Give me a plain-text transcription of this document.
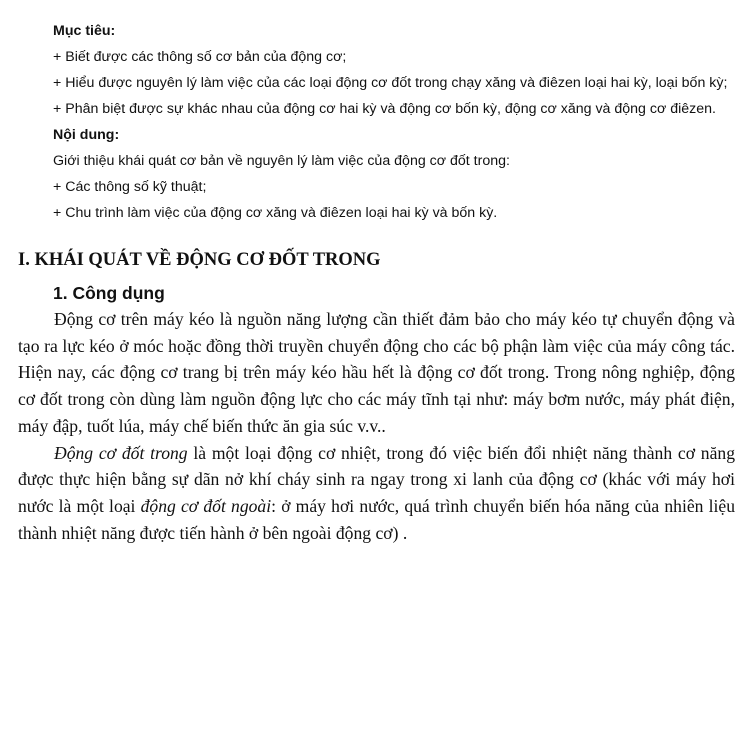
Mục tiêu:

+ Biết được các thông số cơ bản của động cơ;

+ Hiểu được nguyên lý làm việc của các loại động cơ đốt trong chạy xăng và điêzen loại hai kỳ, loại bốn kỳ;

+ Phân biệt được sự khác nhau của động cơ hai kỳ và động cơ bốn kỳ, động cơ xăng và động cơ điêzen.

Nội dung:

Giới thiệu khái quát cơ bản về nguyên lý làm việc của động cơ đốt trong:

+ Các thông số kỹ thuật;

+ Chu trình làm việc của động cơ xăng và điêzen loại hai kỳ và bốn kỳ.

I. KHÁI QUÁT VỀ ĐỘNG CƠ ĐỐT TRONG

1. Công dụng

Động cơ trên máy kéo là nguồn năng lượng cần thiết đảm bảo cho máy kéo tự chuyển động và tạo ra lực kéo ở móc hoặc đồng thời truyền chuyển động cho các bộ phận làm việc của máy công tác. Hiện nay, các động cơ trang bị trên máy kéo hầu hết là động cơ đốt trong. Trong nông nghiệp, động cơ đốt trong còn dùng làm nguồn động lực cho các máy tĩnh tại như: máy bơm nước, máy phát điện, máy đập, tuốt lúa, máy chế biến thức ăn gia súc v.v..

Động cơ đốt trong là một loại động cơ nhiệt, trong đó việc biến đổi nhiệt năng thành cơ năng được thực hiện bằng sự dãn nở khí cháy sinh ra ngay trong xi lanh của động cơ (khác với máy hơi nước là một loại động cơ đốt ngoài: ở máy hơi nước, quá trình chuyển biến hóa năng của nhiên liệu thành nhiệt năng được tiến hành ở bên ngoài động cơ) .
